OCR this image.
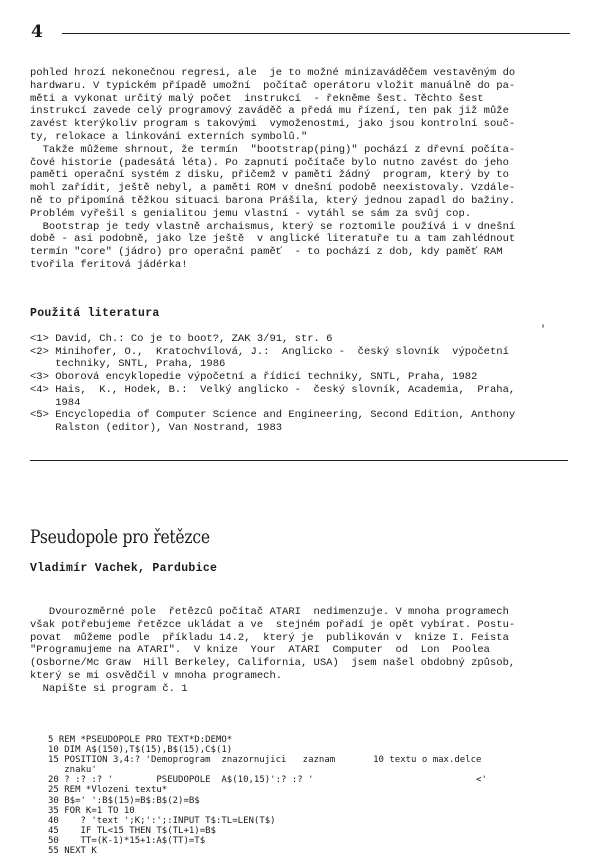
4

pohled hrozí nekonečnou regresi, ale  je to možné minizaváděčem vestavěným do

hardwaru. V typickém případě umožní  počítač operátoru vložit manuálně do pa-

měti a vykonat určitý malý počet  instrukcí  - řekněme šest. Těchto šest

instrukcí zavede celý programový zaváděč a předá mu řízení, ten pak již může

zavést kterýkoliv program s takovými  vymoženostmi, jako jsou kontrolní souč-

ty, relokace a linkování externích symbolů."

Takže můžeme shrnout, že termín  "bootstrap(ping)" pochází z dřevní počíta-

čové historie (padesátá léta). Po zapnutí počítače bylo nutno zavést do jeho

paměti operační systém z disku, přičemž v paměti žádný  program, který by to

mohl zařídit, ještě nebyl, a paměti ROM v dnešní podobě neexistovaly. Vzdále-

ně to připomíná těžkou situaci barona Prášila, který jednou zapadl do bažiny.

Problém vyřešil s genialitou jemu vlastní - vytáhl se sám za svůj cop.

Bootstrap je tedy vlastně archaismus, který se roztomile používá i v dnešní

době - asi podobně, jako lze ještě  v anglické literatuře tu a tam zahlédnout

termín "core" (jádro) pro operační paměť  - to pochází z dob, kdy paměť RAM

tvořila feritová jádérka!

Použitá literatura
'

<1> David, Ch.: Co je to boot?, ZAK 3/91, str. 6

<2> Minihofer, O.,  Kratochvílová, J.:  Anglicko -  český slovník  výpočetní

techniky, SNTL, Praha, 1986

<3> Oborová encyklopedie výpočetní a řídicí techniky, SNTL, Praha, 1982

<4> Hais,  K., Hodek, B.:  Velký anglicko -  český slovník, Academia,  Praha,

1984

<5> Encyclopedia of Computer Science and Engineering, Second Edition, Anthony

Ralston (editor), Van Nostrand, 1983

Pseudopole pro řetězce
Vladimír Vachek, Pardubice

Dvourozměrné pole  řetězců počítač ATARI  nedimenzuje. V mnoha programech

však potřebujeme řetězce ukládat a ve  stejném pořadí je opět vybírat. Postu-

povat  můžeme podle  příkladu 14.2,  který je  publikován v  knize I. Feista

"Programujeme na ATARI".  V knize  Your  ATARI  Computer  od  Lon  Poolea

(Osborne/Mc Graw  Hill Berkeley, California, USA)  jsem našel obdobný způsob,

který se mi osvědčil v mnoha programech.

Napište si program č. 1

5 REM *PSEUDOPOLE PRO TEXT*D:DEMO*

10 DIM A$(150),T$(15),B$(15),C$(1)

15 POSITION 3,4:? 'Demoprogram  znazornujici   zaznam       10 textu o max.delce

znaku'

20 ? :? :? '        PSEUDOPOLE  A$(10,15)':? :? '                              <'

25 REM *Vlozeni textu*

30 B$=' ':B$(15)=B$:B$(2)=B$

35 FOR K=1 TO 10

40    ? 'text ';K;':';:INPUT T$:TL=LEN(T$)

45    IF TL<15 THEN T$(TL+1)=B$

50    TT=(K-1)*15+1:A$(TT)=T$

55 NEXT K
